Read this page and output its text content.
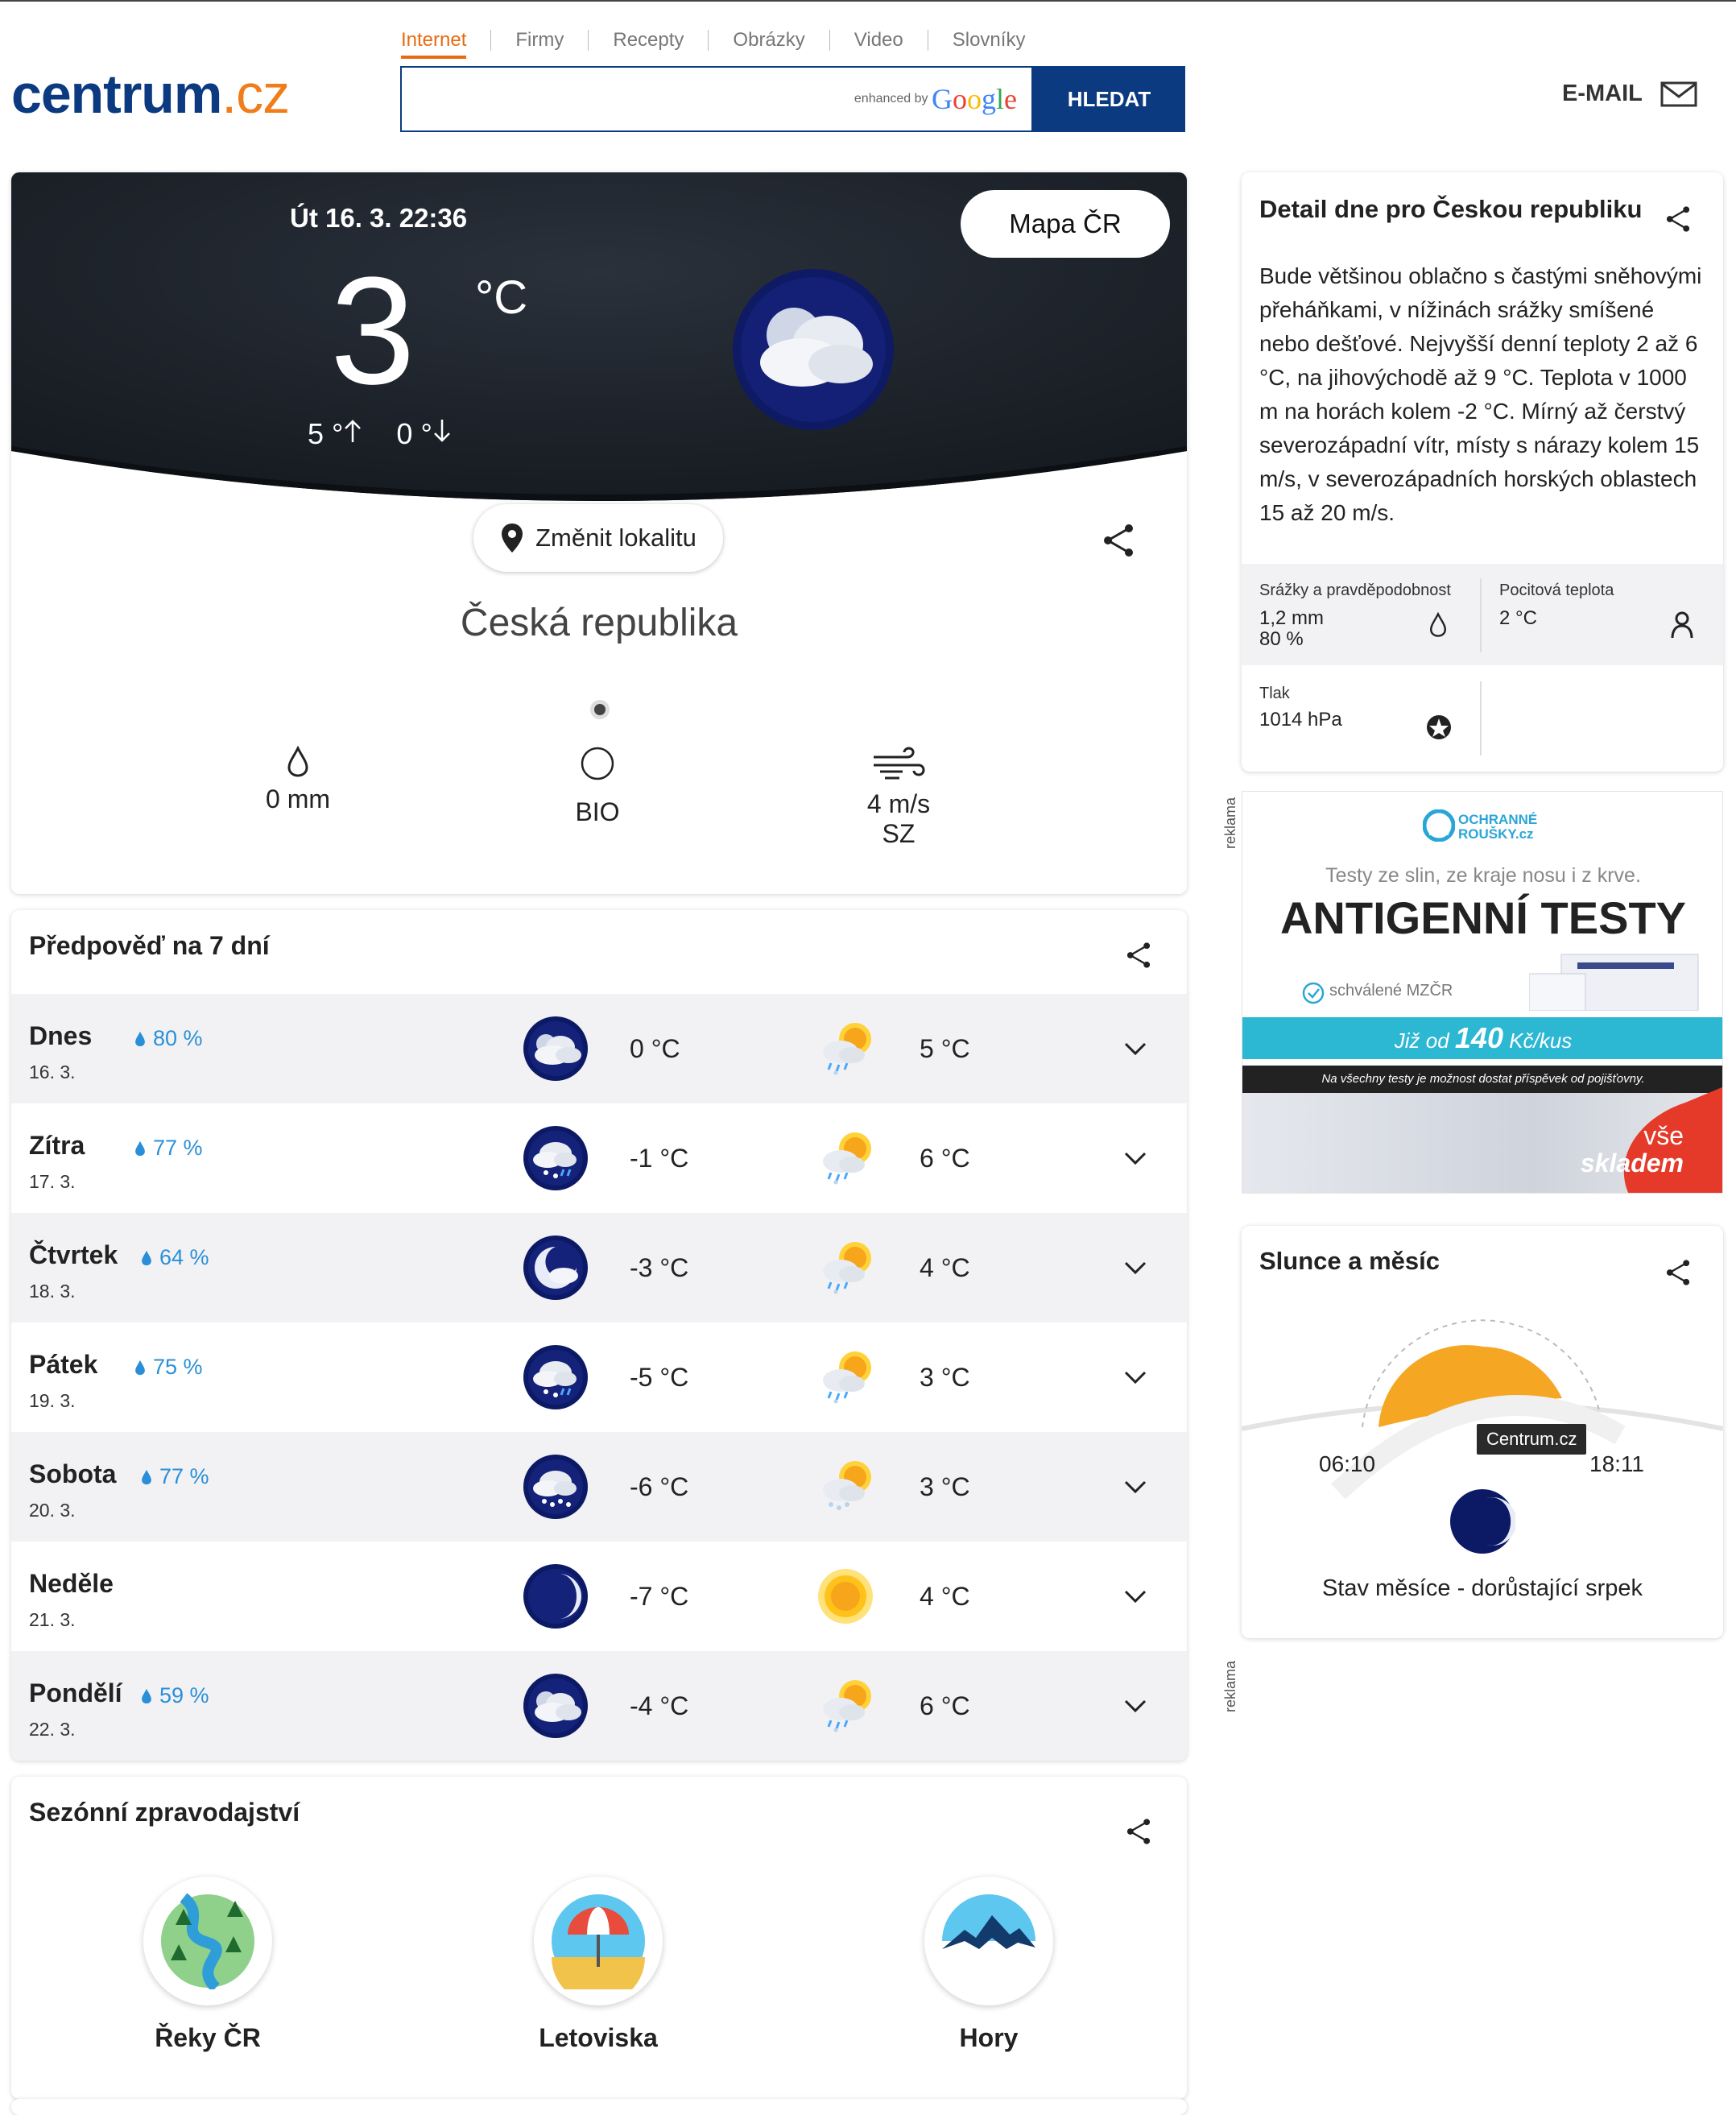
centrum.cz
Internet	Firmy	Recepty	Obrázky	Video	Slovníky
enhanced by Google	HLEDAT	E-MAIL
Út 16. 3. 22:36
3 °C
5 °	0 °
Mapa ČR
Změnit lokalitu
Česká republika
0 mm	BIO	4 m/s
SZ
Předpověď na 7 dní
Dnes
16. 3.
80 %	0 °C	5 °C
Zítra
17. 3.
77 %	-1 °C	6 °C
Čtvrtek
18. 3.
64 %	-3 °C	4 °C
Pátek
19. 3.
75 %	-5 °C	3 °C
Sobota
20. 3.
77 %	-6 °C	3 °C
Neděle
21. 3.
-7 °C	4 °C
Pondělí
22. 3.
59 %	-4 °C	6 °C
Sezónní zpravodajství
Řeky ČR	Letoviska	Hory
Detail dne pro Českou republiku
Bude většinou oblačno s častými sněhovými přeháňkami, v nížinách srážky smíšené nebo dešťové. Nejvyšší denní teploty 2 až 6 °C, na jihovýchodě až 9 °C. Teplota v 1000 m na horách kolem -2 °C. Mírný až čerstvý severozápadní vítr, místy s nárazy kolem 15 m/s, v severozápadních horských oblastech 15 až 20 m/s.
Srážky a pravděpodobnost
1,2 mm
80 %
Pocitová teplota
2 °C
Tlak
1014 hPa
reklama
reklama
OCHRANNÉ
ROUŠKY.cz
Testy ze slin, ze kraje nosu i z krve.
ANTIGENNÍ TESTY
schválené MZČR
Již od 140 Kč/kus
Na všechny testy je možnost dostat příspěvek od pojišťovny.
vše
skladem
Slunce a měsíc
Centrum.cz
06:10	18:11
Stav měsíce - dorůstající srpek
